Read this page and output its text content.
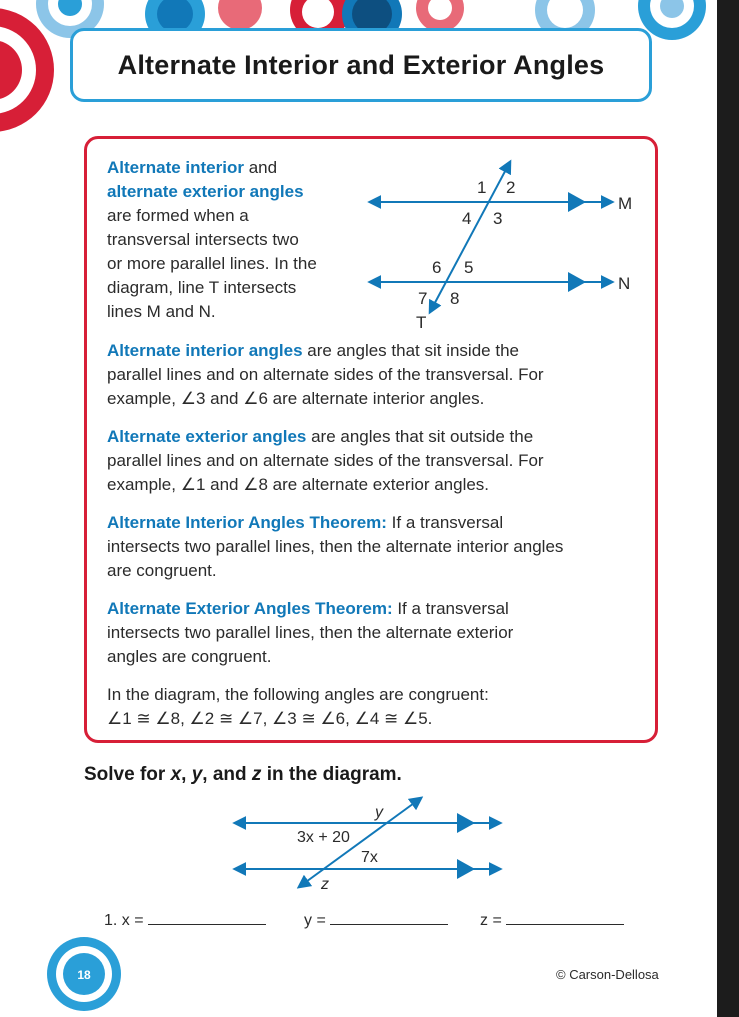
Alternate Interior and Exterior Angles

Alternate interior and

alternate exterior angles

are formed when a

transversal intersects two

or more parallel lines. In the

diagram, line T intersects

lines M and N.

M
N
T
1 2
4 3
6 5
7 8

Alternate interior angles are angles that sit inside the

parallel lines and on alternate sides of the transversal. For

example, ∠3 and ∠6 are alternate interior angles.

Alternate exterior angles are angles that sit outside the

parallel lines and on alternate sides of the transversal. For

example, ∠1 and ∠8 are alternate exterior angles.

Alternate Interior Angles Theorem: If a transversal

intersects two parallel lines, then the alternate interior angles

are congruent.

Alternate Exterior Angles Theorem: If a transversal

intersects two parallel lines, then the alternate exterior

angles are congruent.

In the diagram, the following angles are congruent:

∠1 ≅ ∠8, ∠2 ≅ ∠7, ∠3 ≅ ∠6, ∠4 ≅ ∠5.

Solve for x, y, and z in the diagram.
y
3x + 20
7x
z
1. x =	y =	z =
18	© Carson-Dellosa
